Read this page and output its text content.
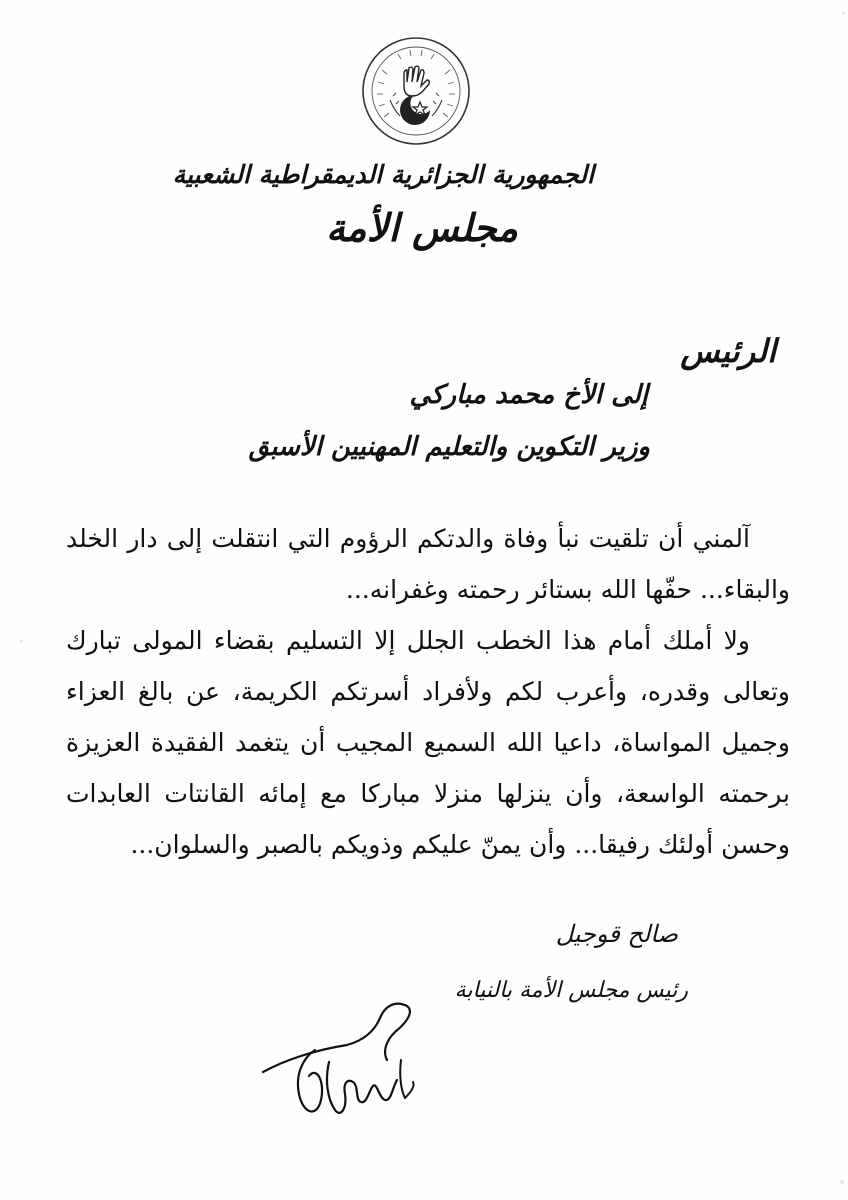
الجمهورية الجزائرية الديمقراطية الشعبية
مجلس الأمة
الرئيس
إلى الأخ محمد مباركي
وزير التكوين والتعليم المهنيين الأسبق

آلمني أن تلقيت نبأ وفاة والدتكم الرؤوم التي انتقلت إلى دار الخلد والبقاء... حفّها الله بستائر رحمته وغفرانه...

ولا أملك أمام هذا الخطب الجلل إلا التسليم بقضاء المولى تبارك وتعالى وقدره، وأعرب لكم ولأفراد أسرتكم الكريمة، عن بالغ العزاء وجميل المواساة، داعيا الله السميع المجيب أن يتغمد الفقيدة العزيزة برحمته الواسعة، وأن ينزلها منزلا مباركا مع إمائه القانتات العابدات وحسن أولئك رفيقا... وأن يمنّ عليكم وذويكم بالصبر والسلوان...

صالح قوجيل
رئيس مجلس الأمة بالنيابة
